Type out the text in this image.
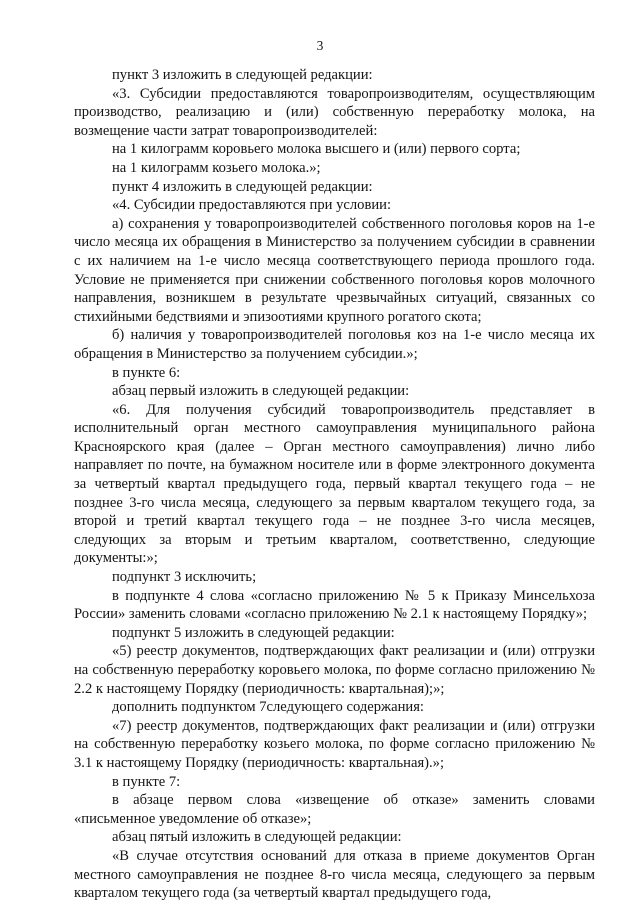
3

пункт 3 изложить в следующей редакции:

«3. Субсидии предоставляются товаропроизводителям, осуществляющим производство, реализацию и (или) собственную переработку молока, на возмещение части затрат товаропроизводителей:

на 1 килограмм коровьего молока высшего и (или) первого сорта;

на 1 килограмм козьего молока.»;

пункт 4 изложить в следующей редакции:

«4. Субсидии предоставляются при условии:

а) сохранения у товаропроизводителей собственного поголовья коров на 1-е число месяца их обращения в Министерство за получением субсидии в сравнении с их наличием на 1-е число месяца соответствующего периода прошлого года. Условие не применяется при снижении собственного поголовья коров молочного направления, возникшем в результате чрезвычайных ситуаций, связанных со стихийными бедствиями и эпизоотиями крупного рогатого скота;

б) наличия у товаропроизводителей поголовья коз на 1-е число месяца их обращения в Министерство за получением субсидии.»;

в пункте 6:

абзац первый изложить в следующей редакции:

«6. Для получения субсидий товаропроизводитель представляет в исполнительный орган местного самоуправления муниципального района Красноярского края (далее – Орган местного самоуправления) лично либо направляет по почте, на бумажном носителе или в форме электронного документа за четвертый квартал предыдущего года, первый квартал текущего года – не позднее 3-го числа месяца, следующего за первым кварталом текущего года, за второй и третий квартал текущего года – не позднее 3-го числа месяцев, следующих за вторым и третьим кварталом, соответственно, следующие документы:»;

подпункт 3 исключить;

в подпункте 4 слова «согласно приложению № 5 к Приказу Минсельхоза России» заменить словами «согласно приложению № 2.1 к настоящему Порядку»;

подпункт 5 изложить в следующей редакции:

«5) реестр документов, подтверждающих факт реализации и (или) отгрузки на собственную переработку коровьего молока, по форме согласно приложению № 2.2 к настоящему Порядку (периодичность: квартальная);»;

дополнить подпунктом 7следующего содержания:

«7) реестр документов, подтверждающих факт реализации и (или) отгрузки на собственную переработку козьего молока, по форме согласно приложению № 3.1 к настоящему Порядку (периодичность: квартальная).»;

в пункте 7:

в абзаце первом слова «извещение об отказе» заменить словами «письменное уведомление об отказе»;

абзац пятый изложить в следующей редакции:

«В случае отсутствия оснований для отказа в приеме документов Орган местного самоуправления не позднее 8-го числа месяца, следующего за первым кварталом текущего года (за четвертый квартал предыдущего года,
